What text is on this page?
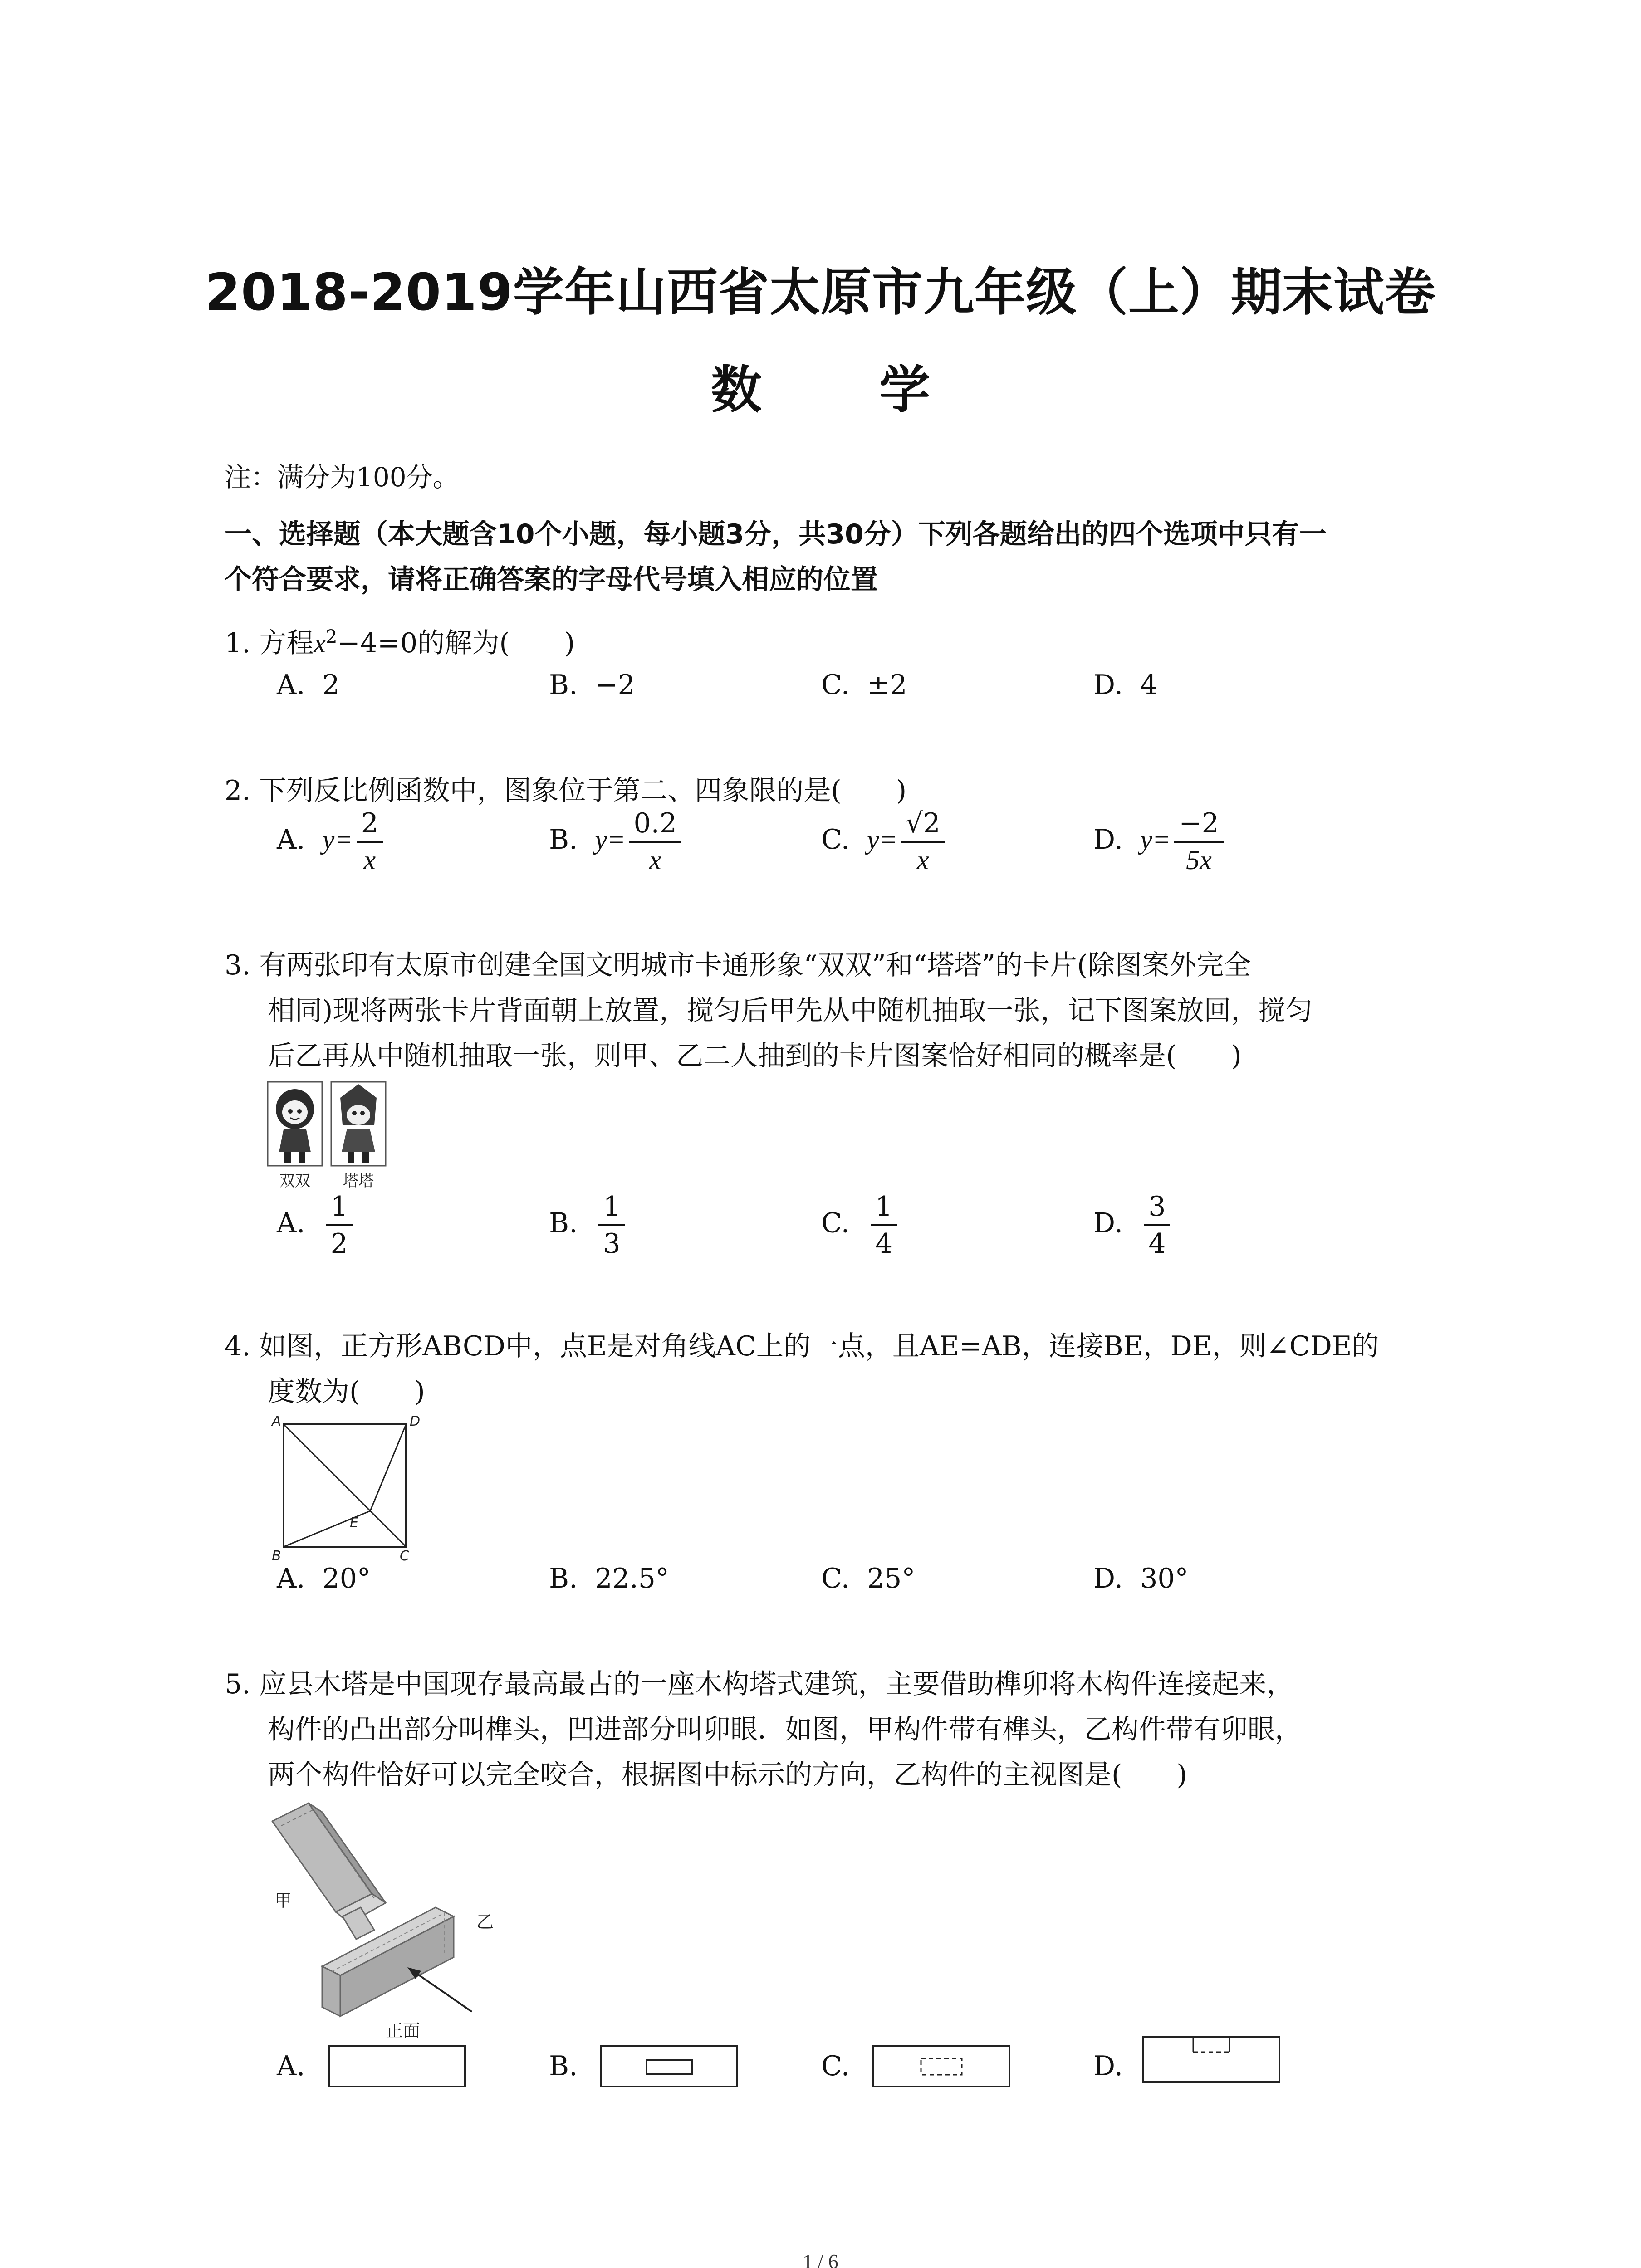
2018-2019学年山西省太原市九年级（上）期末试卷
数 学
注：满分为100分。
一、选择题（本大题含10个小题，每小题3分，共30分）下列各题给出的四个选项中只有一
个符合要求，请将正确答案的字母代号填入相应的位置
1. 方程$x^2-4=0$的解为(　　)
A. 2	B. −2	C. ±2	D. 4
2. 下列反比例函数中，图象位于第二、四象限的是(　　)
A. $y= \frac{2}{x}$	B. $y= \frac{0.2}{x}$	C. $y= \frac{√2}{x}$	D. $y= \frac{-2}{5x}$
3. 有两张印有太原市创建全国文明城市卡通形象“双双”和“塔塔”的卡片(除图案外完全
相同)现将两张卡片背面朝上放置，搅匀后甲先从中随机抽取一张，记下图案放回，搅匀
后乙再从中随机抽取一张，则甲、乙二人抽到的卡片图案恰好相同的概率是(　　)
双双 塔塔
A. $\frac{1}{2}$	B. $\frac{1}{3}$	C. $\frac{1}{4}$	D. $\frac{3}{4}$
4. 如图，正方形ABCD中，点E是对角线AC上的一点，且AE=AB，连接BE，DE，则∠CDE的
度数为(　　)
A	D
B	C
E
A. 20°	B. 22.5°	C. 25°	D. 30°
5. 应县木塔是中国现存最高最古的一座木构塔式建筑，主要借助榫卯将木构件连接起来，
构件的凸出部分叫榫头，凹进部分叫卯眼．如图，甲构件带有榫头，乙构件带有卯眼，
两个构件恰好可以完全咬合，根据图中标示的方向，乙构件的主视图是(　　)
甲
乙
正面
A.	B.	C.	D.
1 / 6
